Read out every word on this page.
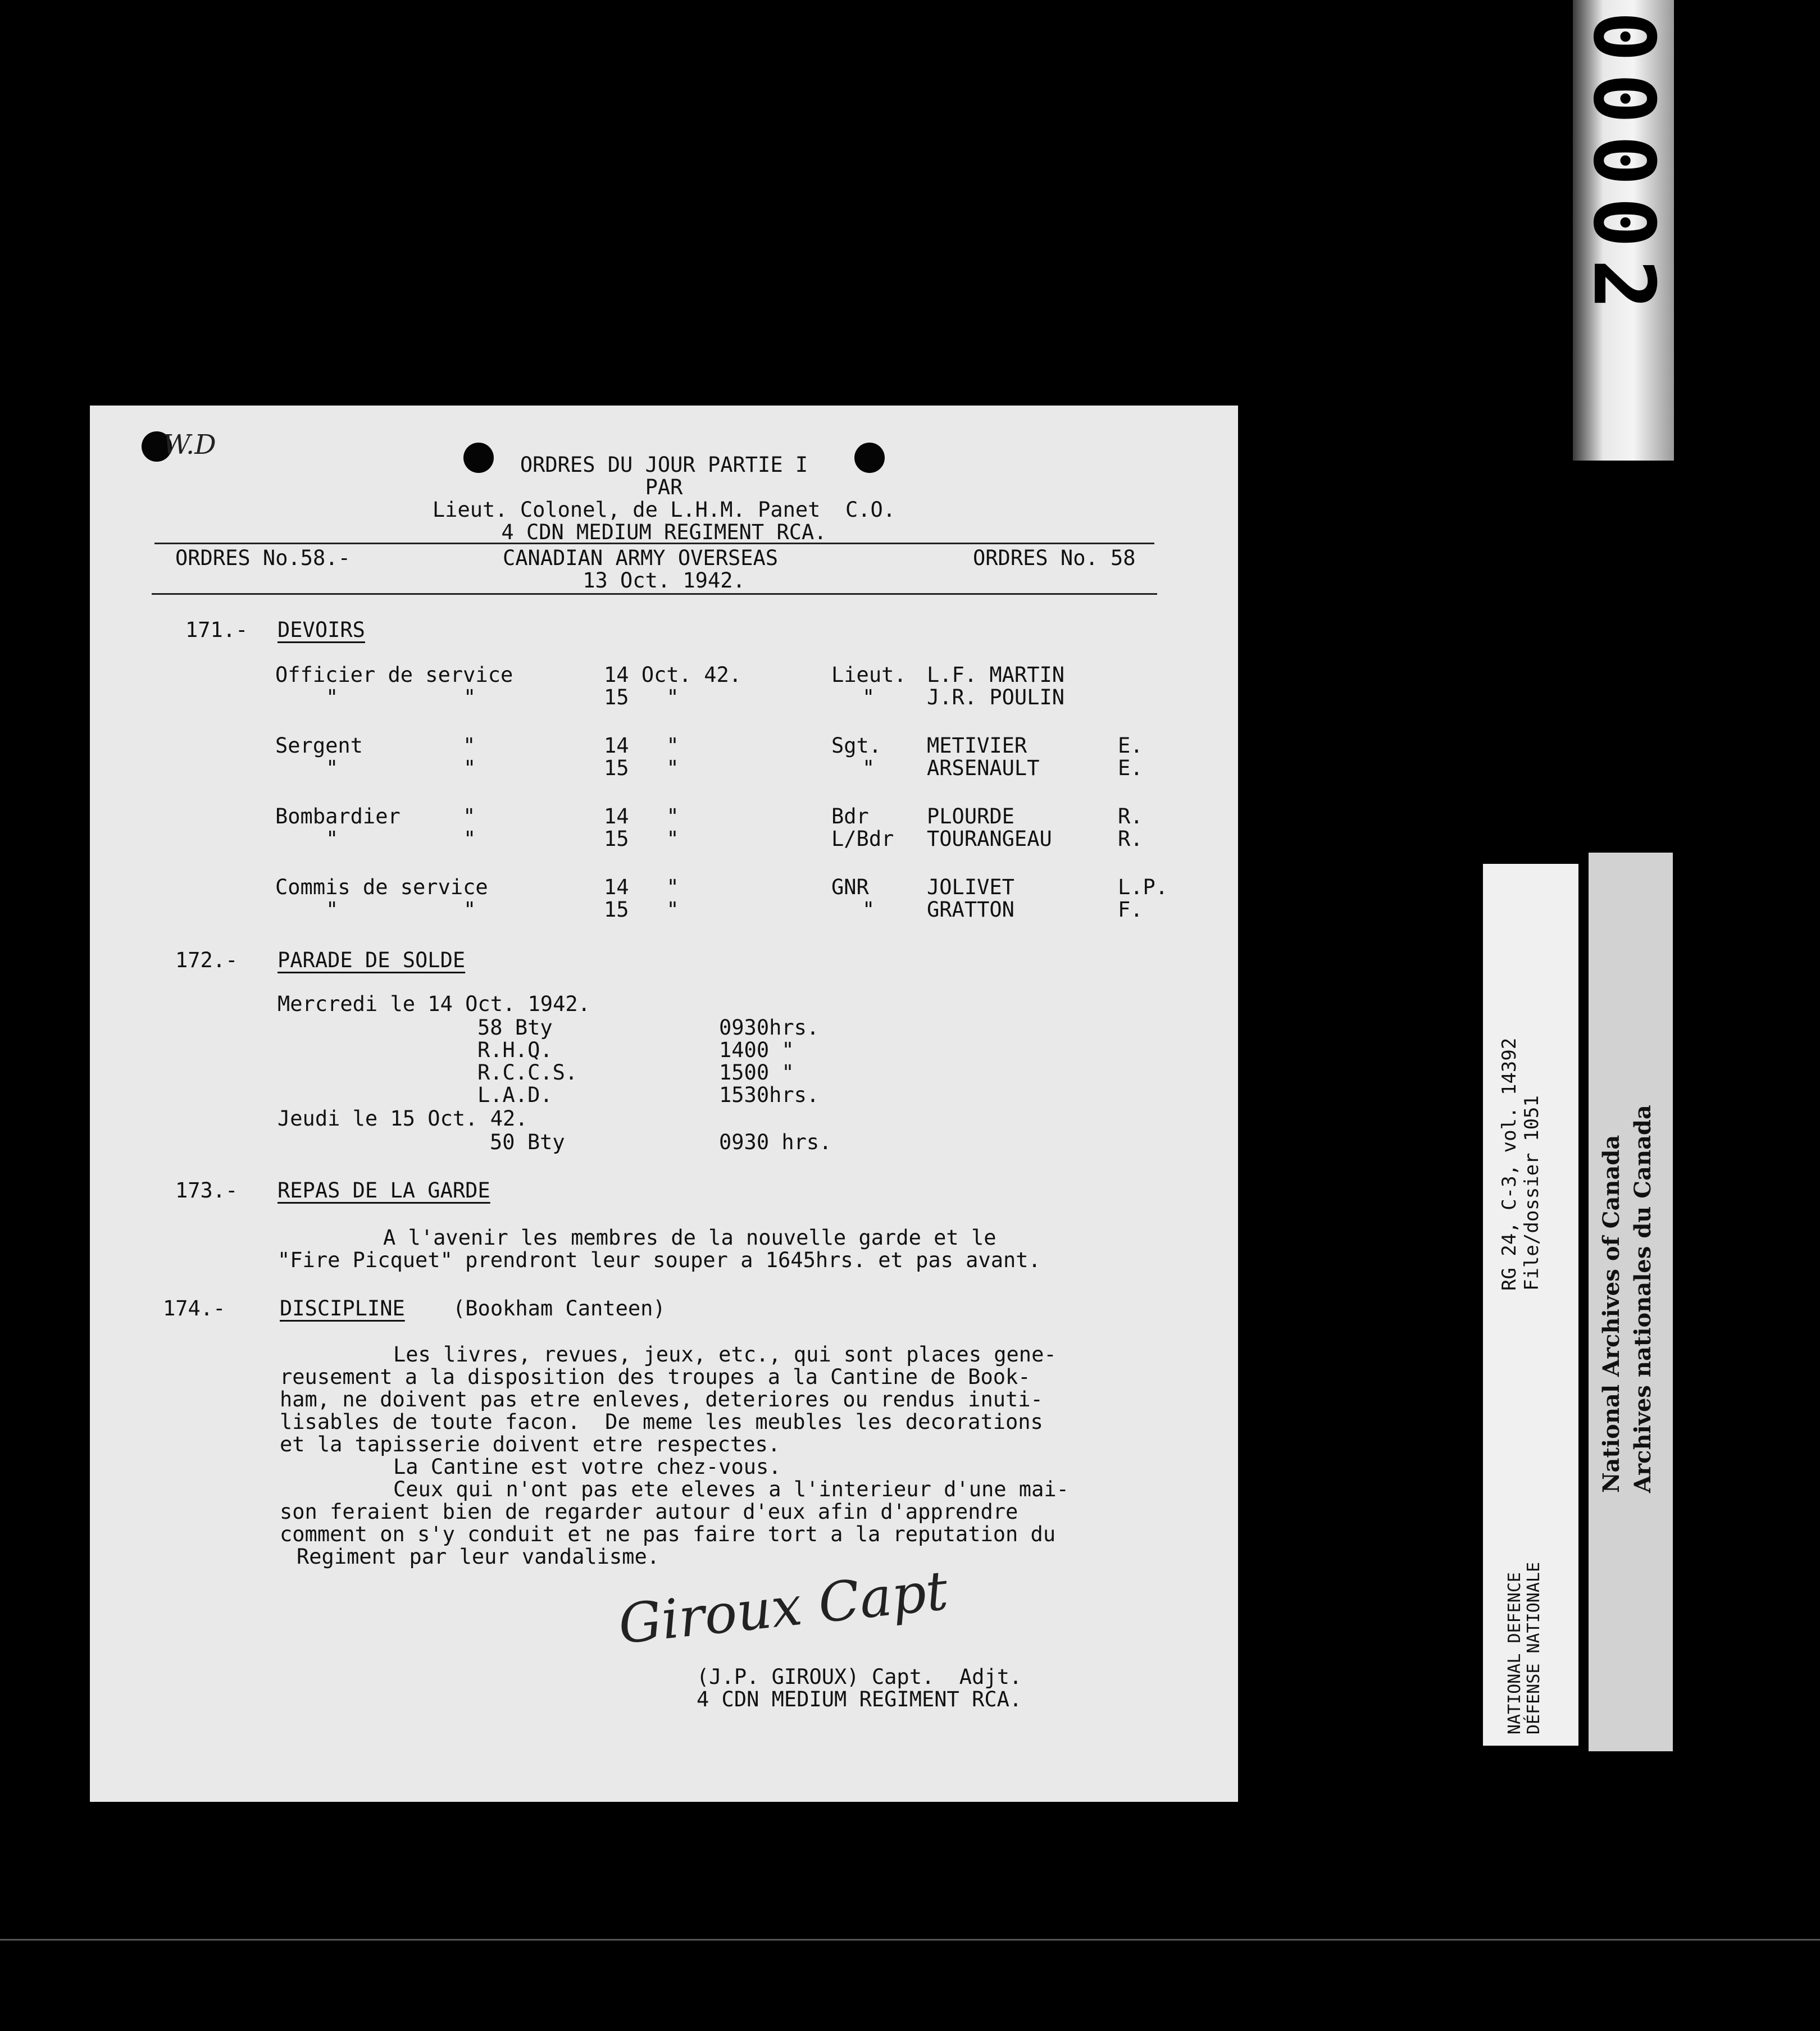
00002
W.D
ORDRES DU JOUR PARTIE I
PAR
Lieut. Colonel, de L.H.M. Panet  C.O.
4 CDN MEDIUM REGIMENT RCA.
ORDRES No.58.-	CANADIAN ARMY OVERSEAS	ORDRES No. 58
13 Oct. 1942.
171.- DEVOIRS
Officier de service	14 Oct. 42.	Lieut. L.F. MARTIN
"          "	15   "	"	J.R. POULIN
Sergent        "	14   "	Sgt. METIVIER	E.
"          "	15   "	"	ARSENAULT	E.
Bombardier     "	14   "	Bdr	PLOURDE	R.
"          "	15   "	L/Bdr TOURANGEAU	R.
Commis de service	14   "	GNR	JOLIVET	L.P.
"          "	15   "	"	GRATTON	F.
172.- PARADE DE SOLDE
Mercredi le 14 Oct. 1942.
58 Bty	0930hrs.
R.H.Q.	1400 "
R.C.C.S.	1500 "
L.A.D.	1530hrs.
Jeudi le 15 Oct. 42.
50 Bty	0930 hrs.
173.- REPAS DE LA GARDE
A l'avenir les membres de la nouvelle garde et le
"Fire Picquet" prendront leur souper a 1645hrs. et pas avant.
174.-	DISCIPLINE (Bookham Canteen)
Les livres, revues, jeux, etc., qui sont places gene-
reusement a la disposition des troupes a la Cantine de Book-
ham, ne doivent pas etre enleves, deteriores ou rendus inuti-
lisables de toute facon.  De meme les meubles les decorations
et la tapisserie doivent etre respectes.
La Cantine est votre chez-vous.
Ceux qui n'ont pas ete eleves a l'interieur d'une mai-
son feraient bien de regarder autour d'eux afin d'apprendre
comment on s'y conduit et ne pas faire tort a la reputation du
Regiment par leur vandalisme.
Giroux Capt
(J.P. GIROUX) Capt.  Adjt.
4 CDN MEDIUM REGIMENT RCA.
RG 24, C-3, vol. 14392 File/dossier 1051
NATIONAL DEFENCE DÉFENSE NATIONALE
National Archives of Canada Archives nationales du Canada
